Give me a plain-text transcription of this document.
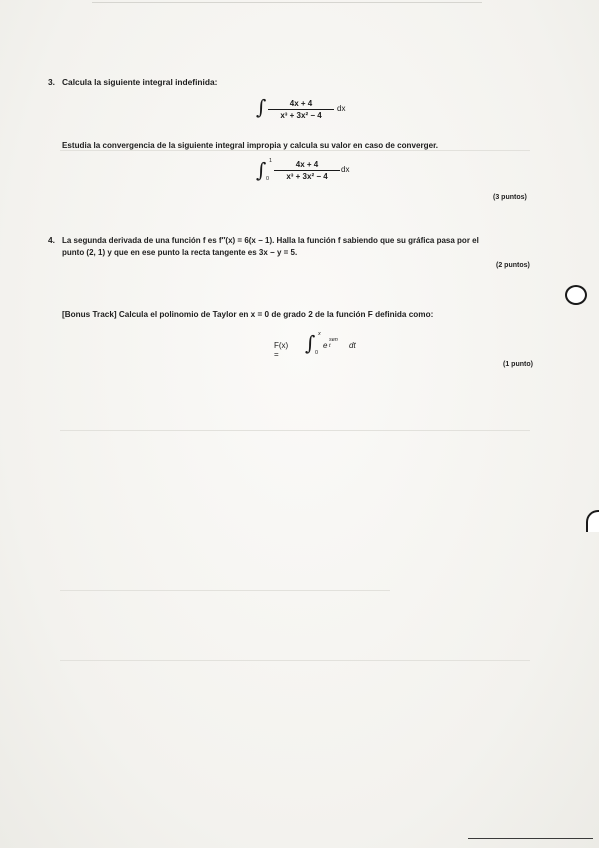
3. Calcula la siguiente integral indefinida:
∫	4x + 4
x³ + 3x² − 4
dx
Estudia la convergencia de la siguiente integral impropia y calcula su valor en caso de converger.
∫ 1
0
4x + 4
x³ + 3x² − 4
dx
(3 puntos)
4. La segunda derivada de una función f es f″(x) = 6(x − 1). Halla la función f sabiendo que su gráfica pasa por el
punto (2, 1) y que en ese punto la recta tangente es 3x − y = 5.
(2 puntos)
[Bonus Track] Calcula el polinomio de Taylor en x = 0 de grado 2 de la función F definida como:
F(x) =	∫ x
0
e
sen t	dt
(1 punto)
